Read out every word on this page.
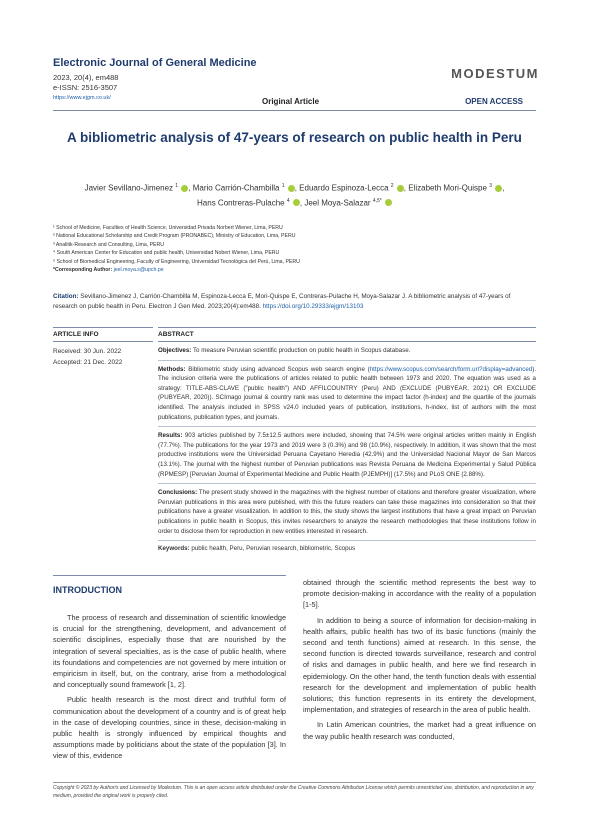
Electronic Journal of General Medicine
2023, 20(4), em488
e-ISSN: 2516-3507
https://www.ejgm.co.uk/
MODESTUM
Original Article	OPEN ACCESS
A bibliometric analysis of 47-years of research on public health in Peru
Javier Sevillano-Jimenez $^1$ , Mario Carrión-Chambilla $^1$ , Eduardo Espinoza-Lecca $^2$ , Elizabeth Mori-Quispe $^3$ ,
Hans Contreras-Pulache $^4$ , Jeel Moya-Salazar $^{4,5*}$
¹ School of Medicine, Faculties of Health Science, Universidad Privada Norbert Wiener, Lima, PERU
² National Educational Scholarship and Credit Program (PRONABEC), Ministry of Education, Lima, PERU
³ Analitik-Research and Consulting, Lima, PERU
⁴ South American Center for Education and public health, Universidad Nobert Wiener, Lima, PERU
⁵ School of Biomedical Engineering, Faculty of Engineering, Universidad Tecnológica del Perú, Lima, PERU
*Corresponding Author: jeel.moya.s@upch.pe
Citation: Sevillano-Jimenez J, Carrión-Chambilla M, Espinoza-Lecca E, Mori-Quispe E, Contreras-Pulache H, Moya-Salazar J. A bibliometric analysis of 47-years of research on public health in Peru. Electron J Gen Med. 2023;20(4):em488. https://doi.org/10.29333/ejgm/13103
ARTICLE INFO
Received: 30 Jun. 2022
Accepted: 21 Dec. 2022
ABSTRACT

Objectives: To measure Peruvian scientific production on public health in Scopus database.

Methods: Bibliometric study using advanced Scopus web search engine (https://www.scopus.com/search/form.uri?display=advanced). The inclusion criteria were the publications of articles related to public health between 1973 and 2020. The equation was used as a strategy: TITLE-ABS-CLAVE ("public health") AND AFFILCOUNTRY (Peru) AND (EXCLUDE (PUBYEAR, 2021) OR EXCLUDE (PUBYEAR, 2020)). SCImago journal & country rank was used to determine the impact factor (h-index) and the quartile of the journals identified. The analysis included in SPSS v24.0 included years of publication, institutions, h-index, list of authors with the most publications, publication types, and journals.

Results: 903 articles published by 7.5±12.5 authors were included, showing that 74.5% were original articles written mainly in English (77.7%). The publications for the year 1973 and 2019 were 3 (0.3%) and 98 (10.9%), respectively. In addition, it was shown that the most productive institutions were the Universidad Peruana Cayetano Heredia (42.9%) and the Universidad Nacional Mayor de San Marcos (13.1%). The journal with the highest number of Peruvian publications was Revista Peruana de Medicina Experimental y Salud Pública (RPMESP) [Peruvian Journal of Experimental Medicine and Public Health (PJEMPH)] (17.5%) and PLoS ONE (2.88%).

Conclusions: The present study showed in the magazines with the highest number of citations and therefore greater visualization, where Peruvian publications in this area were published, with this the future readers can take these magazines into consideration so that their publications have a greater visualization. In addition to this, the study shows the largest institutions that have a great impact on Peruvian publications in public health in Scopus, this invites researchers to analyze the research methodologies that these institutions follow in order to disclose them for reproduction in new entities interested in research.

Keywords: public health, Peru, Peruvian research, bibliometric, Scopus

INTRODUCTION

The process of research and dissemination of scientific knowledge is crucial for the strengthening, development, and advancement of scientific disciplines, especially those that are nourished by the integration of several specialties, as is the case of public health, where its foundations and competencies are not governed by mere intuition or empiricism in itself, but, on the contrary, arise from a methodological and conceptually sound framework [1, 2].

Public health research is the most direct and truthful form of communication about the development of a country and is of great help in the case of developing countries, since in these, decision-making in public health is strongly influenced by empirical thoughts and assumptions made by politicians about the state of the population [3]. In view of this, evidence

obtained through the scientific method represents the best way to promote decision-making in accordance with the reality of a population [1-5].

In addition to being a source of information for decision-making in health affairs, public health has two of its basic functions (mainly the second and tenth functions) aimed at research. In this sense, the second function is directed towards surveillance, research and control of risks and damages in public health, and here we find research in epidemiology. On the other hand, the tenth function deals with essential research for the development and implementation of public health solutions; this function represents in its entirety the development, implementation, and strategies of research in the area of public health.

In Latin American countries, the market had a great influence on the way public health research was conducted,

Copyright © 2023 by Author/s and Licensed by Modestum. This is an open access article distributed under the Creative Commons Attribution License which permits unrestricted use, distribution, and reproduction in any medium, provided the original work is properly cited.
